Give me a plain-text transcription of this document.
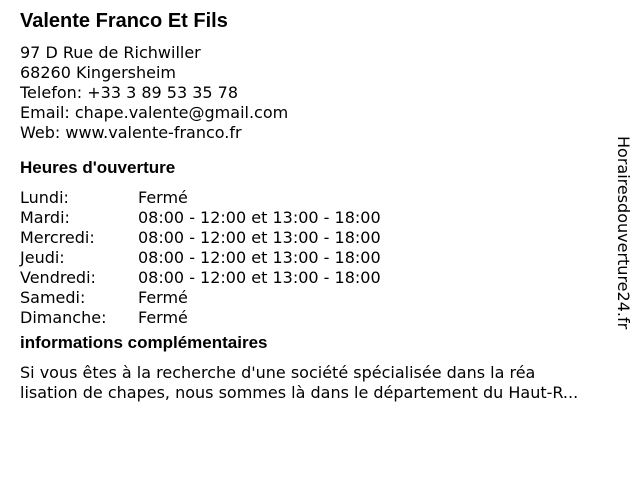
Valente Franco Et Fils
97 D Rue de Richwiller
68260 Kingersheim
Telefon: +33 3 89 53 35 78
Email: chape.valente@gmail.com
Web: www.valente-franco.fr
Heures d'ouverture
Lundi:	Fermé
Mardi:	08:00 - 12:00 et 13:00 - 18:00
Mercredi:	08:00 - 12:00 et 13:00 - 18:00
Jeudi:	08:00 - 12:00 et 13:00 - 18:00
Vendredi:	08:00 - 12:00 et 13:00 - 18:00
Samedi:	Fermé
Dimanche:	Fermé
informations complémentaires
Si vous êtes à la recherche d'une société spécialisée dans la réa
lisation de chapes, nous sommes là dans le département du Haut-R...
Horairesdouverture24.fr
